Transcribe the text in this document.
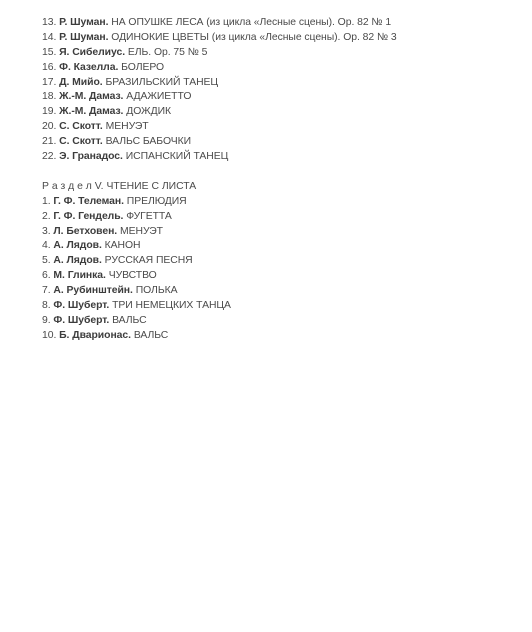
13. Р. Шуман. НА ОПУШКЕ ЛЕСА (из цикла «Лесные сцены). Ор. 82 № 1
14. Р. Шуман. ОДИНОКИЕ ЦВЕТЫ (из цикла «Лесные сцены). Ор. 82 № 3
15. Я. Сибелиус. ЕЛЬ. Ор. 75 № 5
16. Ф. Казелла. БОЛЕРО
17. Д. Мийо. БРАЗИЛЬСКИЙ ТАНЕЦ
18. Ж.-М. Дамаз. АДАЖИЕТТО
19. Ж.-М. Дамаз. ДОЖДИК
20. С. Скотт. МЕНУЭТ
21. С. Скотт. ВАЛЬС БАБОЧКИ
22. Э. Гранадос. ИСПАНСКИЙ ТАНЕЦ
Р а з д е л V. ЧТЕНИЕ С ЛИСТА
1. Г. Ф. Телеман. ПРЕЛЮДИЯ
2. Г. Ф. Гендель. ФУГЕТТА
3. Л. Бетховен. МЕНУЭТ
4. А. Лядов. КАНОН
5. А. Лядов. РУССКАЯ ПЕСНЯ
6. М. Глинка. ЧУВСТВО
7. А. Рубинштейн. ПОЛЬКА
8. Ф. Шуберт. ТРИ НЕМЕЦКИХ ТАНЦА
9. Ф. Шуберт. ВАЛЬС
10. Б. Дварионас. ВАЛЬС
